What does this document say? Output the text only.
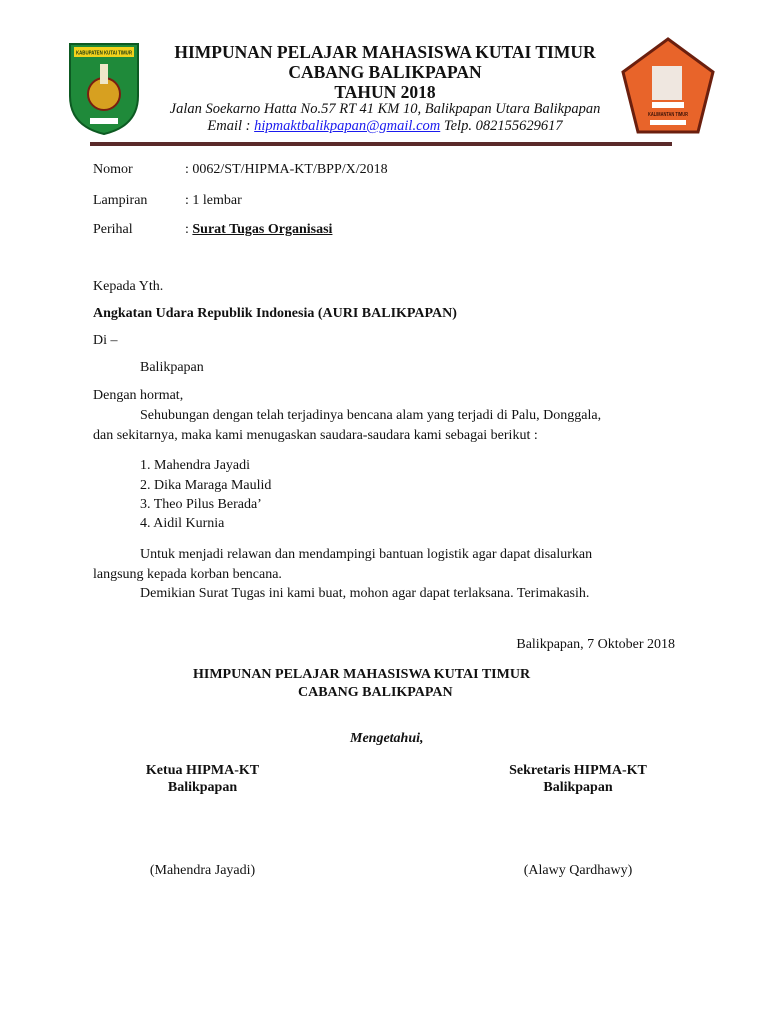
KABUPATEN KUTAI TIMUR
KALIMANTAN TIMUR
HIMPUNAN PELAJAR MAHASISWA KUTAI TIMUR
CABANG BALIKPAPAN
TAHUN 2018
Jalan Soekarno Hatta No.57 RT 41 KM 10, Balikpapan Utara Balikpapan
Email : hipmaktbalikpapan@gmail.com Telp. 082155629617
Nomor	: 0062/ST/HIPMA-KT/BPP/X/2018
Lampiran	: 1 lembar
Perihal	: Surat Tugas Organisasi
Kepada Yth.
Angkatan Udara Republik Indonesia (AURI BALIKPAPAN)
Di –
Balikpapan
Dengan hormat,
Sehubungan dengan telah terjadinya bencana alam yang terjadi di Palu, Donggala,
dan sekitarnya, maka kami menugaskan saudara-saudara kami sebagai berikut :
1. Mahendra Jayadi
2. Dika Maraga Maulid
3. Theo Pilus Berada’
4. Aidil Kurnia
Untuk menjadi relawan dan mendampingi bantuan logistik agar dapat disalurkan
langsung kepada korban bencana.
Demikian Surat Tugas ini kami buat, mohon agar dapat terlaksana. Terimakasih.
Balikpapan, 7 Oktober 2018
HIMPUNAN PELAJAR MAHASISWA KUTAI TIMUR
CABANG BALIKPAPAN
Mengetahui,
Ketua HIPMA-KT
Balikpapan
(Mahendra Jayadi)
Sekretaris HIPMA-KT
Balikpapan
(Alawy Qardhawy)
